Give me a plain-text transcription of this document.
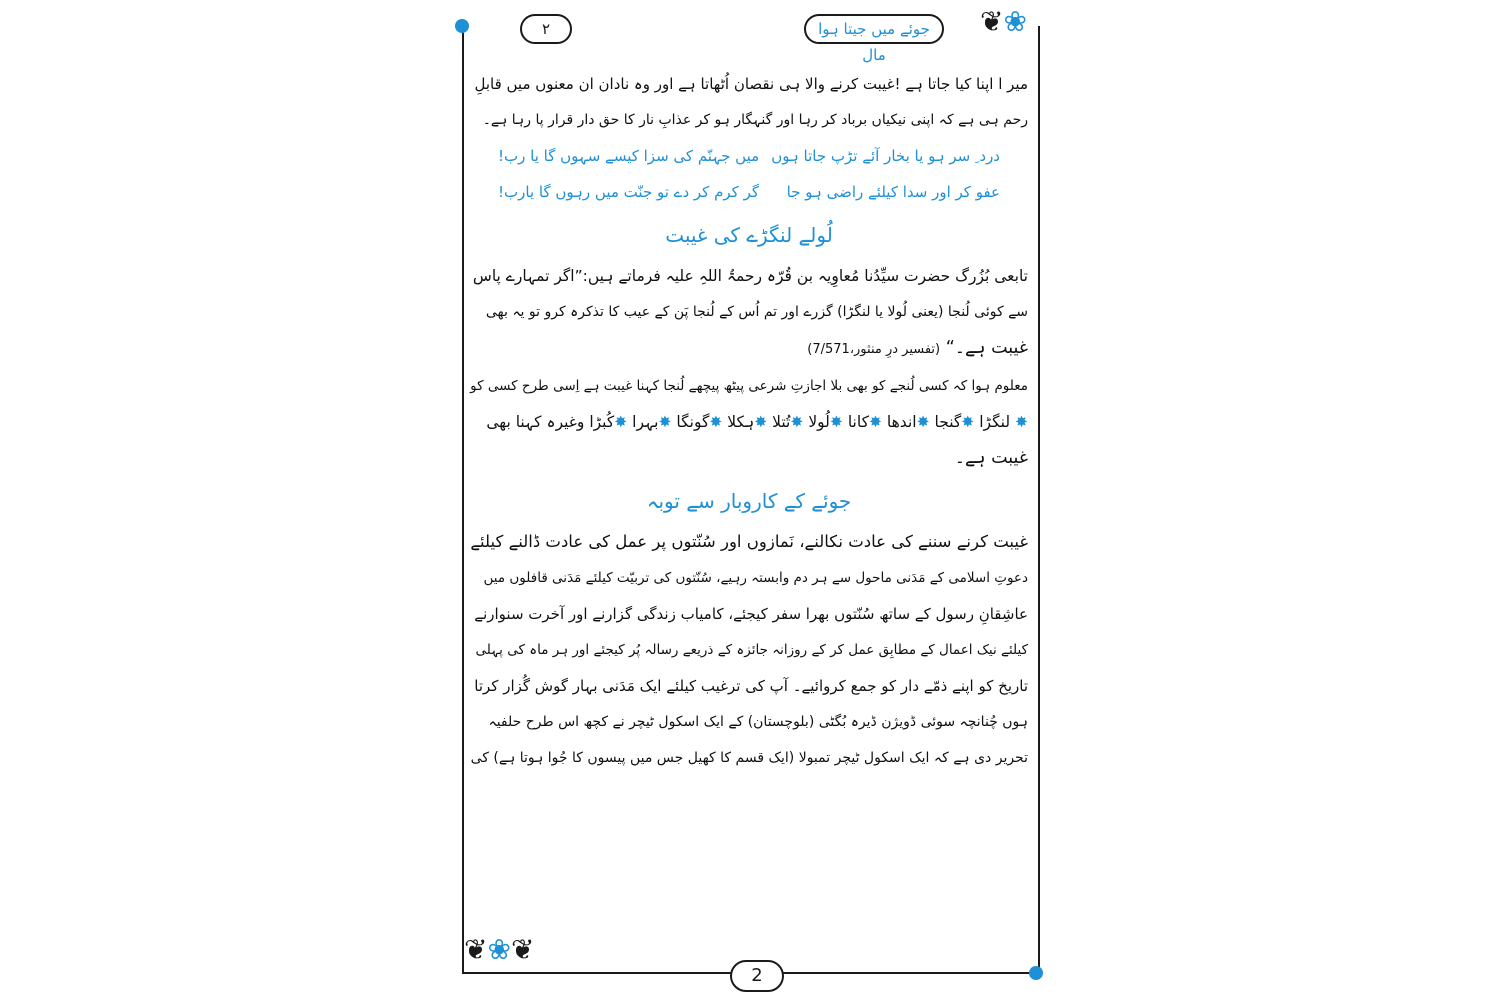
❦❀
❦❀❦
جوئے میں جیتا ہوا مال
۲
2

میر ا اپنا کیا جاتا ہے !غیبت کرنے والا ہی نقصان اُٹھاتا ہے اور وہ نادان ان معنوں میں قابلِ

رحم ہی ہے کہ اپنی نیکیاں برباد کر رہا اور گنہگار ہو کر عذابِ نار کا حق دار قرار پا رہا ہے۔

درد ِ سر ہو یا بخار آئے تڑپ جاتا ہوں
میں جہنّم کی سزا کیسے سہوں گا یا رب!
عفو کر اور سدا کیلئے راضی ہو جا
گر کرم کر دے تو جنّت میں رہوں گا یارب!
لُولے لنگڑے کی غیبت

تابعی بُزُرگ حضرت سیِّدُنا مُعاوِیہ بن قُرّہ رحمۃُ اللہِ علیہ فرماتے ہیں:”اگر تمہارے پاس

سے کوئی لُنجا (یعنی لُولا یا لنگڑا) گزرے اور تم اُس کے لُنجا پَن کے عیب کا تذکرہ کرو تو یہ بھی

غیبت ہے۔“ (تفسیر درِ منثور،7/571)

معلوم ہوا کہ کسی لُنجے کو بھی بلا اجازتِ شرعی پیٹھ پیچھے لُنجا کہنا غیبت ہے اِسی طرح کسی کو

✸ لنگڑا ✸گنجا ✸اندھا ✸کانا ✸لُولا ✸تُتلا ✸ہکلا ✸گونگا ✸بہرا ✸کُبڑا وغیرہ کہنا بھی

غیبت ہے۔

جوئے کے کاروبار سے توبہ

غیبت کرنے سننے کی عادت نکالنے، نَمازوں اور سُنّتوں پر عمل کی عادت ڈالنے کیلئے

دعوتِ اسلامی کے مَدَنی ماحول سے ہر دم وابستہ رہیے، سُنّتوں کی تربیّت کیلئے مَدَنی قافلوں میں

عاشِقانِ رسول کے ساتھ سُنّتوں بھرا سفر کیجئے، کامیاب زندگی گزارنے اور آخرت سنوارنے

کیلئے نیک اعمال کے مطابِق عمل کر کے روزانہ جائزہ کے ذریعے رسالہ پُر کیجئے اور ہر ماہ کی پہلی

تاریخ کو اپنے ذمّے دار کو جمع کروائیے۔ آپ کی ترغیب کیلئے ایک مَدَنی بہار گوش گُزار کرتا

ہوں چُنانچہ سوئی ڈویژن ڈیرہ بُگٹی (بلوچستان) کے ایک اسکول ٹیچر نے کچھ اس طرح حلفیہ

تحریر دی ہے کہ ایک اسکول ٹیچر تمبولا (ایک قسم کا کھیل جس میں پیسوں کا جُوا ہوتا ہے) کی
